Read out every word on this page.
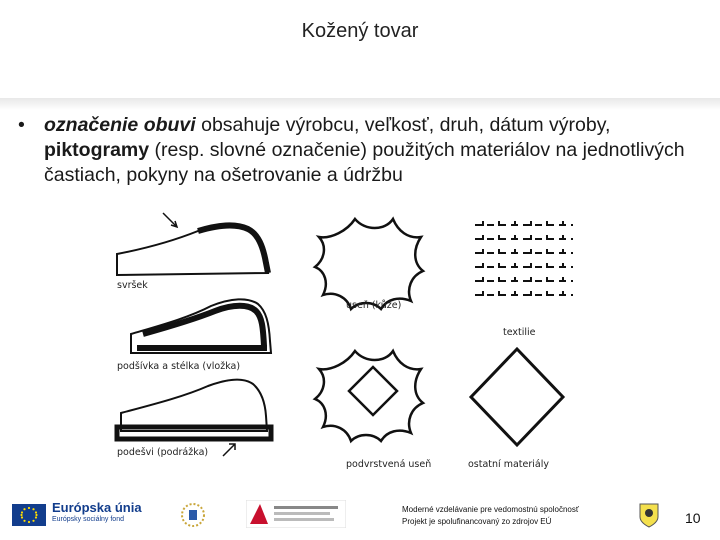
Kožený tovar
• označenie obuvi obsahuje výrobcu, veľkosť, druh, dátum výroby, piktogramy (resp. slovné označenie) použitých materiálov na jednotlivých častiach, pokyny na ošetrovanie a údržbu
svršek
podšívka a stélka (vložka)
podešvi (podrážka)
useň (kůže)
textilie
podvrstvená useň	ostatní materiály
Európska únia
Európsky sociálny fond
Moderné vzdelávanie pre vedomostnú spoločnosť
Projekt je spolufinancovaný zo zdrojov EÚ	10
